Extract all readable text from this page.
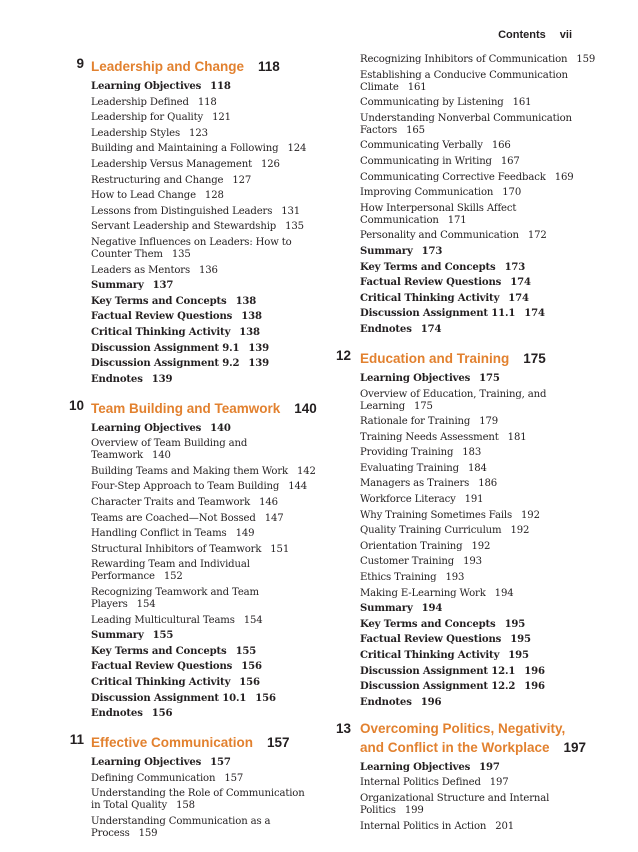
Contents vii
9 Leadership and Change 118
Learning Objectives 118
Leadership Defined 118
Leadership for Quality 121
Leadership Styles 123
Building and Maintaining a Following 124
Leadership Versus Management 126
Restructuring and Change 127
How to Lead Change 128
Lessons from Distinguished Leaders 131
Servant Leadership and Stewardship 135
Negative Influences on Leaders: How to Counter Them 135
Leaders as Mentors 136
Summary 137
Key Terms and Concepts 138
Factual Review Questions 138
Critical Thinking Activity 138
Discussion Assignment 9.1 139
Discussion Assignment 9.2 139
Endnotes 139
10 Team Building and Teamwork 140
Learning Objectives 140
Overview of Team Building and Teamwork 140
Building Teams and Making them Work 142
Four-Step Approach to Team Building 144
Character Traits and Teamwork 146
Teams are Coached—Not Bossed 147
Handling Conflict in Teams 149
Structural Inhibitors of Teamwork 151
Rewarding Team and Individual Performance 152
Recognizing Teamwork and Team Players 154
Leading Multicultural Teams 154
Summary 155
Key Terms and Concepts 155
Factual Review Questions 156
Critical Thinking Activity 156
Discussion Assignment 10.1 156
Endnotes 156
11 Effective Communication 157
Learning Objectives 157
Defining Communication 157
Understanding the Role of Communication in Total Quality 158
Understanding Communication as a Process 159
Recognizing Inhibitors of Communication 159
Establishing a Conducive Communication Climate 161
Communicating by Listening 161
Understanding Nonverbal Communication Factors 165
Communicating Verbally 166
Communicating in Writing 167
Communicating Corrective Feedback 169
Improving Communication 170
How Interpersonal Skills Affect Communication 171
Personality and Communication 172
Summary 173
Key Terms and Concepts 173
Factual Review Questions 174
Critical Thinking Activity 174
Discussion Assignment 11.1 174
Endnotes 174
12 Education and Training 175
Learning Objectives 175
Overview of Education, Training, and Learning 175
Rationale for Training 179
Training Needs Assessment 181
Providing Training 183
Evaluating Training 184
Managers as Trainers 186
Workforce Literacy 191
Why Training Sometimes Fails 192
Quality Training Curriculum 192
Orientation Training 192
Customer Training 193
Ethics Training 193
Making E-Learning Work 194
Summary 194
Key Terms and Concepts 195
Factual Review Questions 195
Critical Thinking Activity 195
Discussion Assignment 12.1 196
Discussion Assignment 12.2 196
Endnotes 196
13 Overcoming Politics, Negativity,
and Conflict in the Workplace 197
Learning Objectives 197
Internal Politics Defined 197
Organizational Structure and Internal Politics 199
Internal Politics in Action 201
